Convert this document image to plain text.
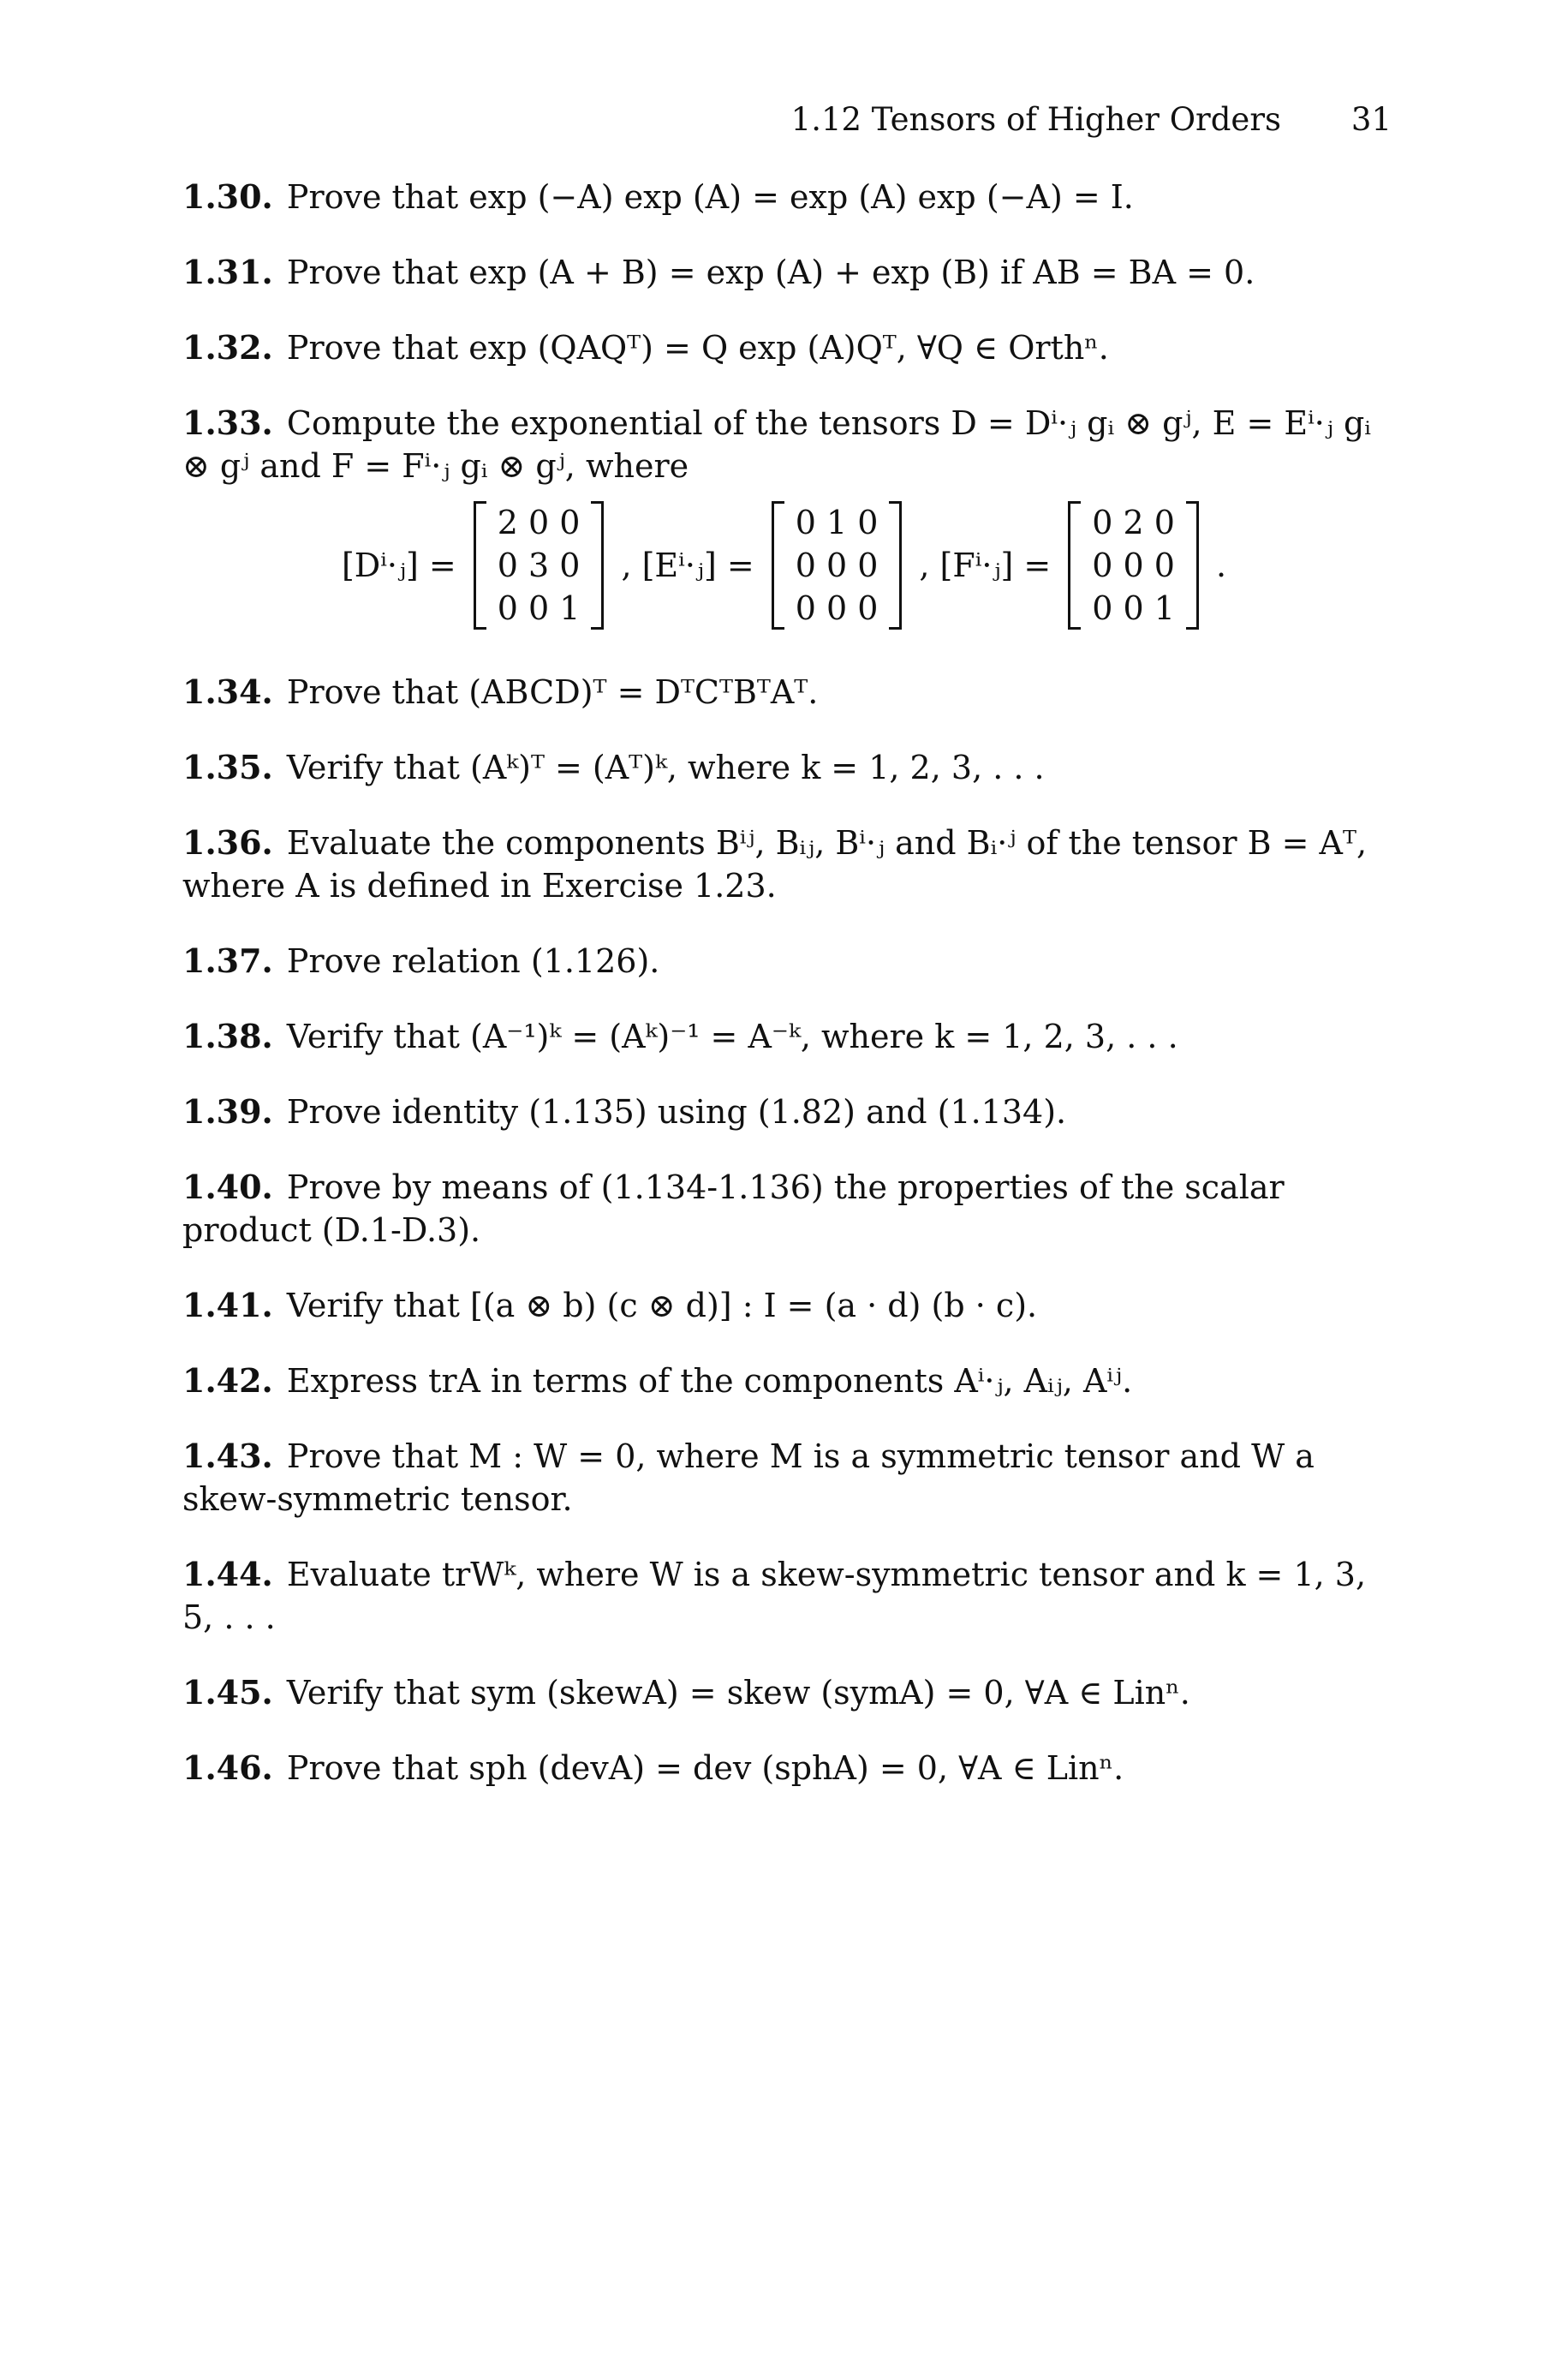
1.12 Tensors of Higher Orders 31
1.30. Prove that exp (−A) exp (A) = exp (A) exp (−A) = I.
1.31. Prove that exp (A + B) = exp (A) + exp (B) if AB = BA = 0.
1.32. Prove that exp (QAQᵀ) = Q exp (A)Qᵀ, ∀Q ∈ Orthⁿ.
1.33. Compute the exponential of the tensors D = Dⁱ·ⱼ gᵢ ⊗ gʲ, E = Eⁱ·ⱼ gᵢ ⊗ gʲ and F = Fⁱ·ⱼ gᵢ ⊗ gʲ, where
[Dⁱ·ⱼ] =
2 0 0
0 3 0
0 0 1
, [Eⁱ·ⱼ] =
0 1 0
0 0 0
0 0 0
, [Fⁱ·ⱼ] =
0 2 0
0 0 0
0 0 1
.
1.34. Prove that (ABCD)ᵀ = DᵀCᵀBᵀAᵀ.
1.35. Verify that (Aᵏ)ᵀ = (Aᵀ)ᵏ, where k = 1, 2, 3, . . .
1.36. Evaluate the components Bⁱʲ, Bᵢⱼ, Bⁱ·ⱼ and Bᵢ·ʲ of the tensor B = Aᵀ, where A is defined in Exercise 1.23.
1.37. Prove relation (1.126).
1.38. Verify that (A⁻¹)ᵏ = (Aᵏ)⁻¹ = A⁻ᵏ, where k = 1, 2, 3, . . .
1.39. Prove identity (1.135) using (1.82) and (1.134).
1.40. Prove by means of (1.134-1.136) the properties of the scalar product (D.1-D.3).
1.41. Verify that [(a ⊗ b) (c ⊗ d)] : I = (a · d) (b · c).
1.42. Express trA in terms of the components Aⁱ·ⱼ, Aᵢⱼ, Aⁱʲ.
1.43. Prove that M : W = 0, where M is a symmetric tensor and W a skew-symmetric tensor.
1.44. Evaluate trWᵏ, where W is a skew-symmetric tensor and k = 1, 3, 5, . . .
1.45. Verify that sym (skewA) = skew (symA) = 0, ∀A ∈ Linⁿ.
1.46. Prove that sph (devA) = dev (sphA) = 0, ∀A ∈ Linⁿ.
